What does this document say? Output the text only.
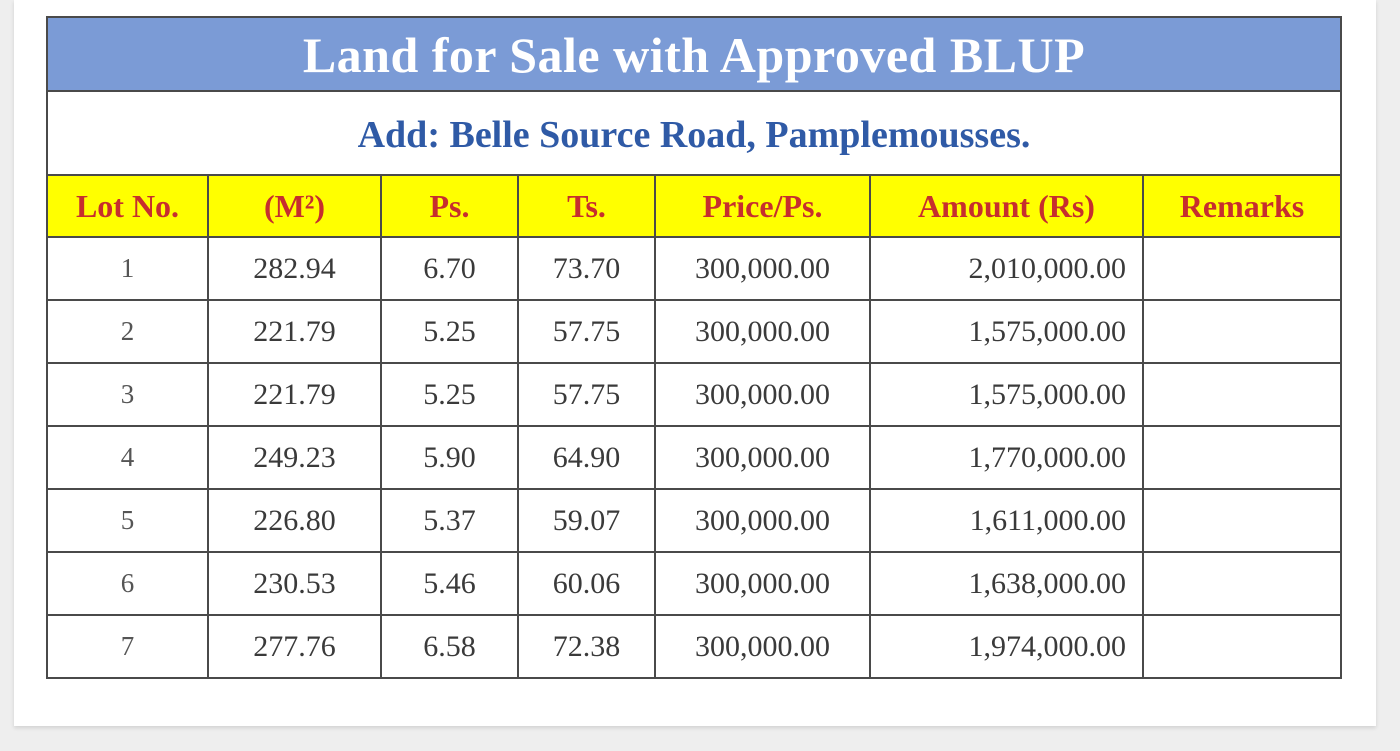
Land for Sale with Approved BLUP
Add: Belle Source Road, Pamplemousses.
Lot No.	(M²)	Ps.	Ts.	Price/Ps.	Amount (Rs)	Remarks
1	282.94	6.70	73.70	300,000.00	2,010,000.00	
2	221.79	5.25	57.75	300,000.00	1,575,000.00	
3	221.79	5.25	57.75	300,000.00	1,575,000.00	
4	249.23	5.90	64.90	300,000.00	1,770,000.00	
5	226.80	5.37	59.07	300,000.00	1,611,000.00	
6	230.53	5.46	60.06	300,000.00	1,638,000.00	
7	277.76	6.58	72.38	300,000.00	1,974,000.00	
